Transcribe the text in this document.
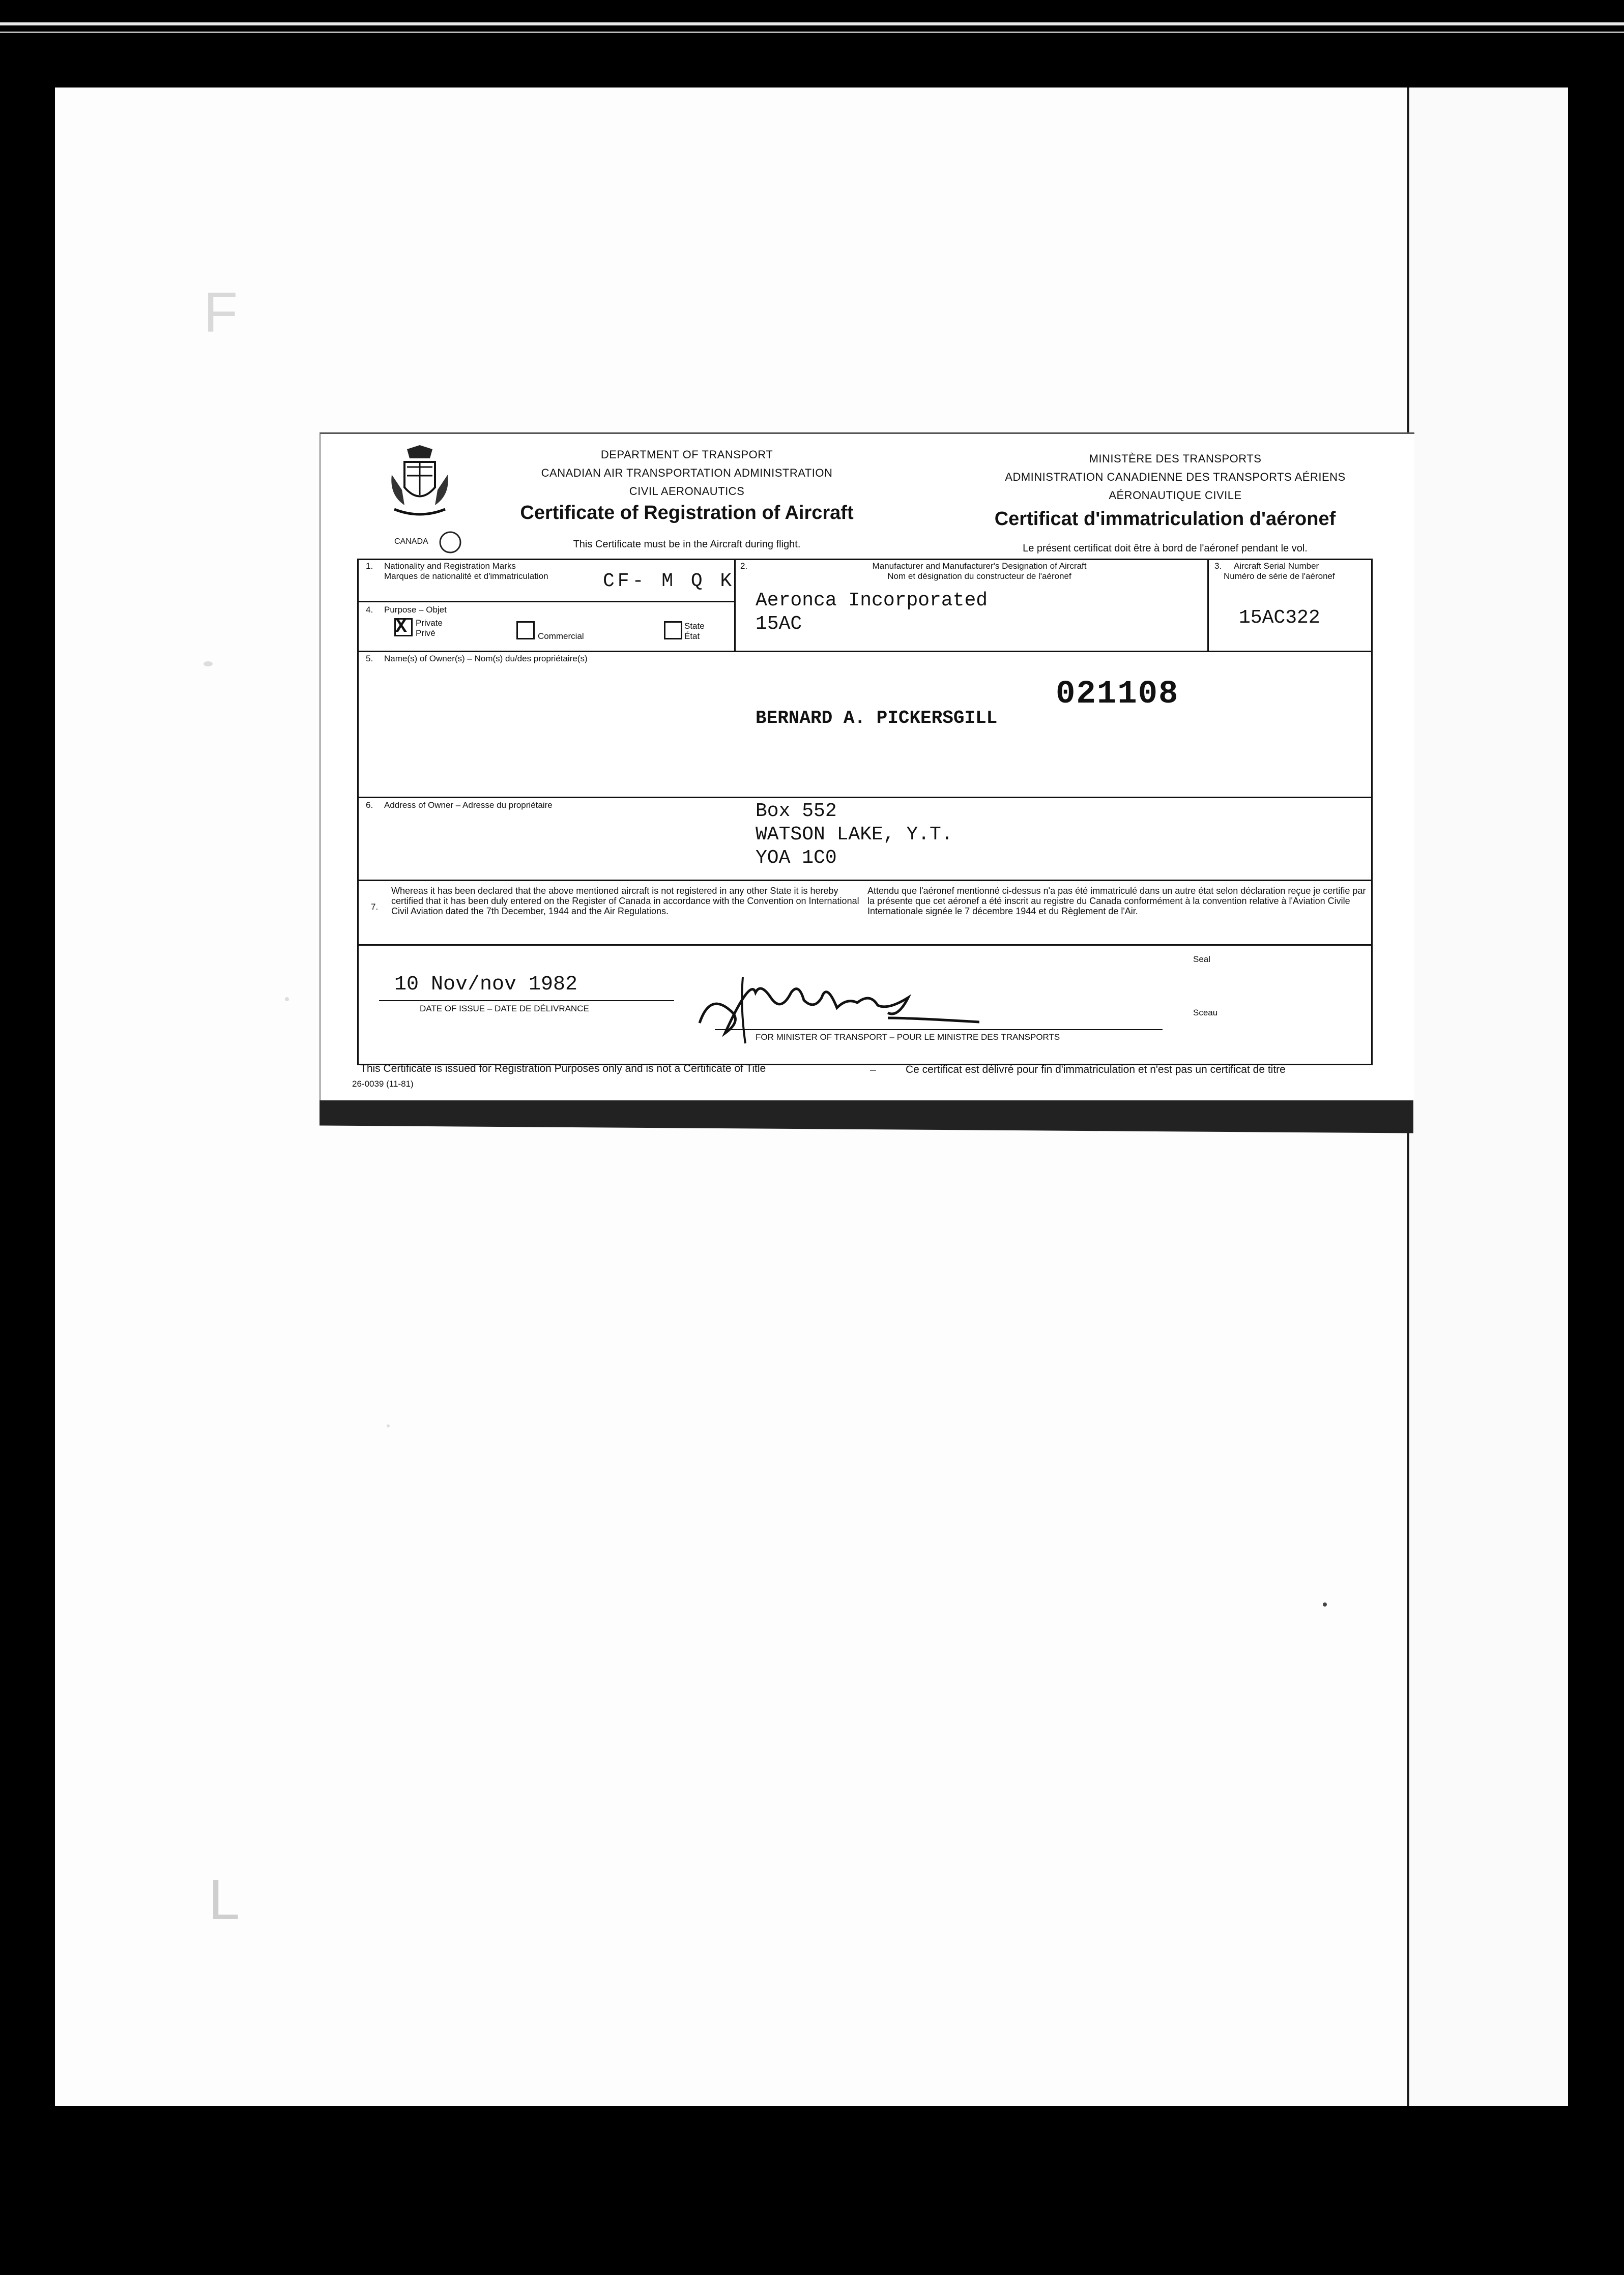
F
L
CANADA
DEPARTMENT OF TRANSPORT
CANADIAN AIR TRANSPORTATION ADMINISTRATION
CIVIL AERONAUTICS
Certificate of Registration of Aircraft
This Certificate must be in the Aircraft during flight.
MINISTÈRE DES TRANSPORTS
ADMINISTRATION CANADIENNE DES TRANSPORTS AÉRIENS
AÉRONAUTIQUE CIVILE
Certificat d'immatriculation d'aéronef
Le présent certificat doit être à bord de l'aéronef pendant le vol.
1. Nationality and Registration Marks
Marques de nationalité et d'immatriculation	CF- M Q K
4. Purpose – Objet
X Private
Privé	Commercial
State
État
2.	Manufacturer and Manufacturer's Designation of Aircraft
Nom et désignation du constructeur de l'aéronef
Aeronca Incorporated
15AC
3. Aircraft Serial Number
Numéro de série de l'aéronef
15AC322
5. Name(s) of Owner(s) – Nom(s) du/des propriétaire(s)
BERNARD A. PICKERSGILL
021108
6. Address of Owner – Adresse du propriétaire	Box 552
WATSON LAKE, Y.T.
YOA 1C0
7.
Whereas it has been declared that the above mentioned aircraft is not registered in any other State it is hereby certified that it has been duly entered on the Register of Canada in accordance with the Convention on International Civil Aviation dated the 7th December, 1944 and the Air Regulations.
Attendu que l'aéronef mentionné ci-dessus n'a pas été immatriculé dans un autre état selon déclaration reçue je certifie par la présente que cet aéronef a été inscrit au registre du Canada conformément à la convention relative à l'Aviation Civile Internationale signée le 7 décembre 1944 et du Règlement de l'Air.
10 Nov/nov 1982
DATE OF ISSUE – DATE DE DÉLIVRANCE
FOR MINISTER OF TRANSPORT – POUR LE MINISTRE DES TRANSPORTS
Seal
Sceau
This Certificate is issued for Registration Purposes only and is not a Certificate of Title	–	Ce certificat est délivré pour fin d'immatriculation et n'est pas un certificat de titre
26-0039 (11-81)
